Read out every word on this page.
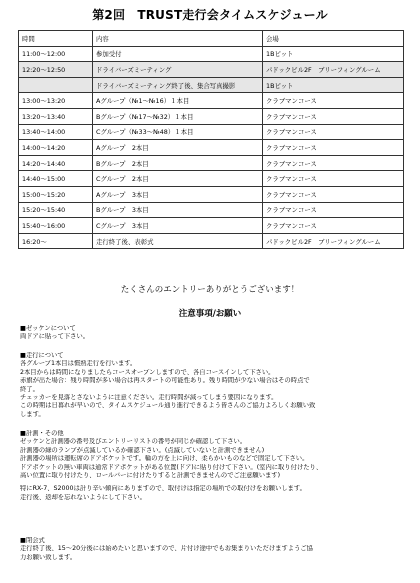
第2回　TRUST走行会タイムスケジュール
時間	内容	会場
11:00～12:00	参加受付	1Bピット
12:20～12:50	ドライバーズミーティング	パドックビル2F　ブリーフィングルーム
	ドライバーズミーティング終了後、集合写真撮影	1Bピット
13:00～13:20	Aグループ（№1～№16）１本目	クラブマンコース
13:20～13:40	Bグループ（№17～№32）１本目	クラブマンコース
13:40～14:00	Cグループ（№33～№48）１本目	クラブマンコース
14:00～14:20	Aグループ　2本目	クラブマンコース
14:20～14:40	Bグループ　2本目	クラブマンコース
14:40～15:00	Cグループ　2本目	クラブマンコース
15:00～15:20	Aグループ　3本目	クラブマンコース
15:20～15:40	Bグループ　3本目	クラブマンコース
15:40～16:00	Cグループ　3本目	クラブマンコース
16:20～	走行終了後、表彰式	パドックビル2F　ブリーフィングルーム
たくさんのエントリーありがとうございます！
注意事項/お願い
■ゼッケンについて
両ドアに貼って下さい。
■走行について
各グループ1本目は慣熟走行を行います。
2本目からは時間になりましたらコースオープンしますので、各自コースインして下さい。
赤旗が出た場合：残り時間が多い場合は再スタートの可能性あり。残り時間が少ない場合はその時点で
終了。
チェッカーを見落とさないように注意ください。走行時間が減ってしまう要因になります。
この時期は日暮れが早いので、タイムスケジュール通り進行できるよう皆さんのご協力よろしくお願い致
します。
■計測・その他
ゼッケンと計測器の番号及びエントリーリストの番号が同じか確認して下さい。
計測器の緑のランプが点滅しているか確認下さい。(点滅していないと計測できません)
計測器の場所は運転席のドアポケットです。輪の方を上に向け、柔らかいものなどで固定して下さい。
ドアポケットの無い車両は通常ドアポケットがある位置(ドア)に貼り付けて下さい。(室内に取り付けたり、
高い位置に取り付けたり、ロールバーに付けたりすると計測できませんのでご注意願います)
特にRX-7、S2000は計り辛い傾向にありますので、取付けは指定の場所での取付けをお願いします。
走行後、返却を忘れないようにして下さい。
■閉会式
走行終了後、15～20分後には始めたいと思いますので、片付け途中でもお集まりいただけますようご協
力お願い致します。
